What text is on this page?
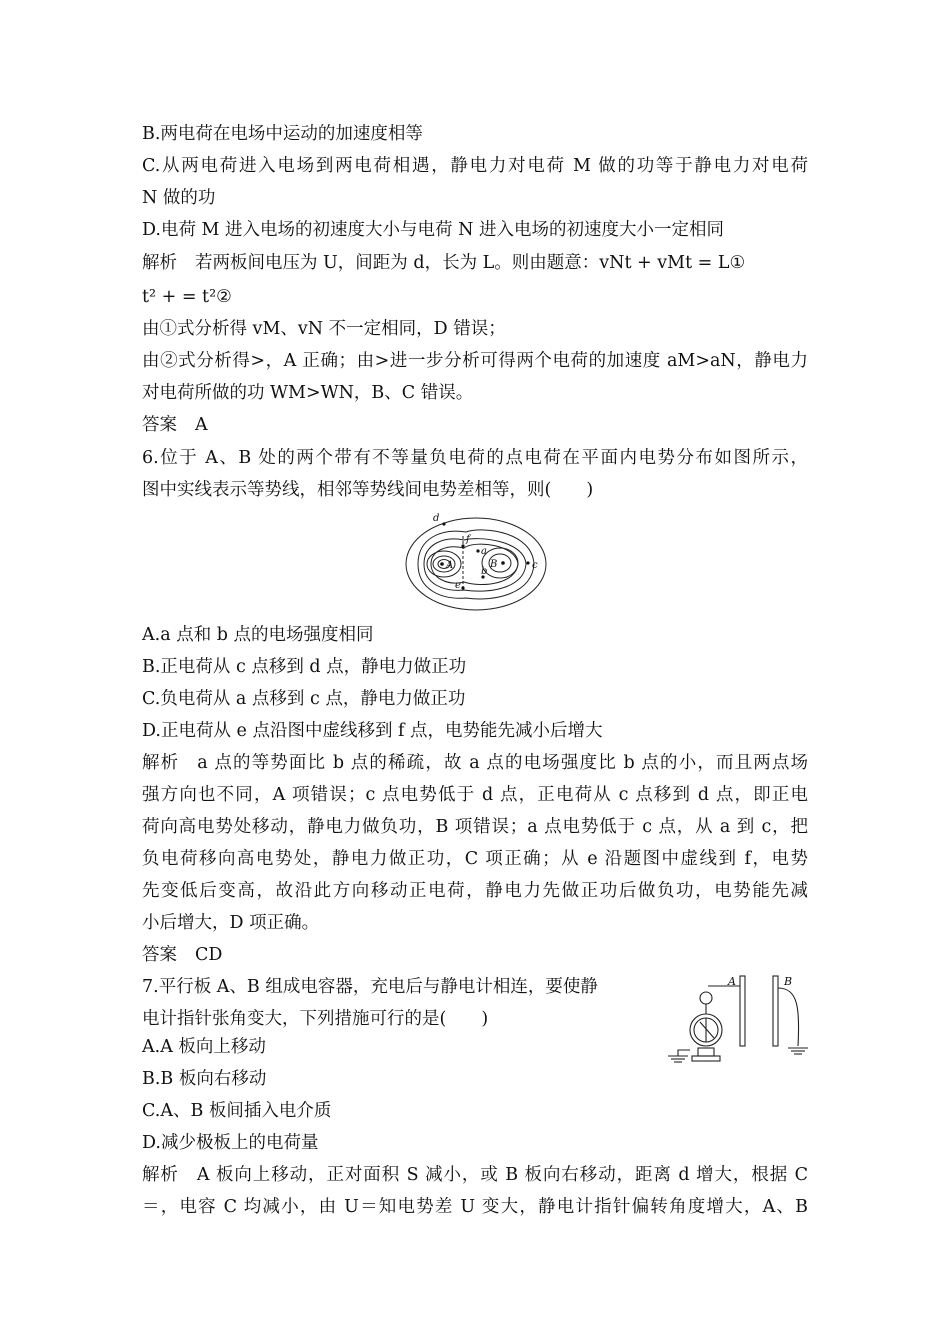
B.两电荷在电场中运动的加速度相等
C.从两电荷进入电场到两电荷相遇，静电力对电荷 M 做的功等于静电力对电荷
N 做的功
D.电荷 M 进入电场的初速度大小与电荷 N 进入电场的初速度大小一定相同
解析 若两板间电压为 U，间距为 d，长为 L。则由题意：vNt + vMt = L①
t² + = t²②
由①式分析得 vM、vN 不一定相同，D 错误；
由②式分析得>，A 正确；由>进一步分析可得两个电荷的加速度 aM>aN，静电力
对电荷所做的功 WM>WN，B、C 错误。
答案 A
6.位于 A、B 处的两个带有不等量负电荷的点电荷在平面内电势分布如图所示，
图中实线表示等势线，相邻等势线间电势差相等，则(　　)
d
f
a
b
c
e
A	B
A.a 点和 b 点的电场强度相同
B.正电荷从 c 点移到 d 点，静电力做正功
C.负电荷从 a 点移到 c 点，静电力做正功
D.正电荷从 e 点沿图中虚线移到 f 点，电势能先减小后增大
解析 a 点的等势面比 b 点的稀疏，故 a 点的电场强度比 b 点的小，而且两点场
强方向也不同，A 项错误；c 点电势低于 d 点，正电荷从 c 点移到 d 点，即正电
荷向高电势处移动，静电力做负功，B 项错误；a 点电势低于 c 点，从 a 到 c，把
负电荷移向高电势处，静电力做正功，C 项正确；从 e 沿题图中虚线到 f，电势
先变低后变高，故沿此方向移动正电荷，静电力先做正功后做负功，电势能先减
小后增大，D 项正确。
答案 CD
7.平行板 A、B 组成电容器，充电后与静电计相连，要使静
电计指针张角变大，下列措施可行的是(　　)
A	B
A.A 板向上移动
B.B 板向右移动
C.A、B 板间插入电介质
D.减少极板上的电荷量
解析 A 板向上移动，正对面积 S 减小，或 B 板向右移动，距离 d 增大，根据 C
＝，电容 C 均减小，由 U＝知电势差 U 变大，静电计指针偏转角度增大，A、B
